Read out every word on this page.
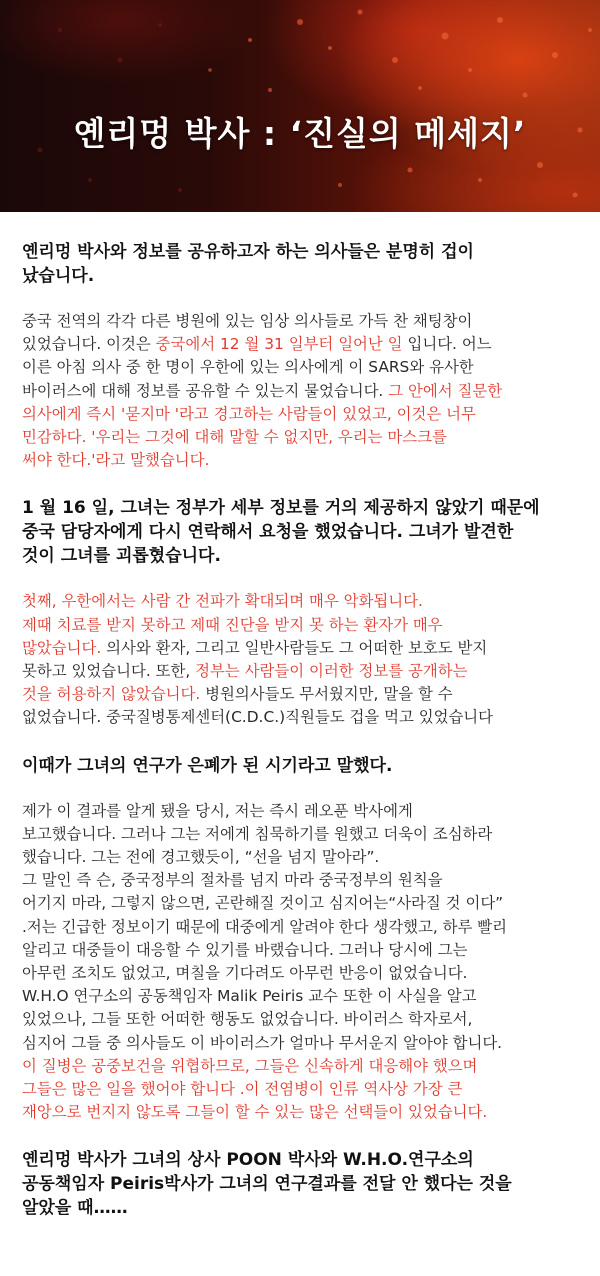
옌리멍 박사 : ‘진실의 메세지’
옌리멍 박사와 정보를 공유하고자 하는 의사들은 분명히 겁이
났습니다.
중국 전역의 각각 다른 병원에 있는 임상 의사들로 가득 찬 채팅창이
있었습니다. 이것은 중국에서 12 월 31 일부터 일어난 일 입니다. 어느
이른 아침 의사 중 한 명이 우한에 있는 의사에게 이 SARS와 유사한
바이러스에 대해 정보를 공유할 수 있는지 물었습니다. 그 안에서 질문한
의사에게 즉시 '묻지마 '라고 경고하는 사람들이 있었고, 이것은 너무
민감하다. '우리는 그것에 대해 말할 수 없지만, 우리는 마스크를
써야 한다.'라고 말했습니다.
1 월 16 일, 그녀는 정부가 세부 정보를 거의 제공하지 않았기 때문에
중국 담당자에게 다시 연락해서 요청을 했었습니다. 그녀가 발견한
것이 그녀를 괴롭혔습니다.
첫째, 우한에서는 사람 간 전파가 확대되며 매우 악화됩니다.
제때 치료를 받지 못하고 제때 진단을 받지 못 하는 환자가 매우
많았습니다. 의사와 환자, 그리고 일반사람들도 그 어떠한 보호도 받지
못하고 있었습니다. 또한, 정부는 사람들이 이러한 정보를 공개하는
것을 허용하지 않았습니다. 병원의사들도 무서웠지만, 말을 할 수
없었습니다. 중국질병통제센터(C.D.C.)직원들도 겁을 먹고 있었습니다
이때가 그녀의 연구가 은폐가 된 시기라고 말했다.
제가 이 결과를 알게 됐을 당시, 저는 즉시 레오푼 박사에게
보고했습니다. 그러나 그는 저에게 침묵하기를 원했고 더욱이 조심하라
했습니다. 그는 전에 경고했듯이, “선을 넘지 말아라”.
그 말인 즉 슨, 중국정부의 절차를 넘지 마라 중국정부의 원칙을
어기지 마라, 그렇지 않으면, 곤란해질 것이고 심지어는“사라질 것 이다”
.저는 긴급한 정보이기 때문에 대중에게 알려야 한다 생각했고, 하루 빨리
알리고 대중들이 대응할 수 있기를 바랬습니다. 그러나 당시에 그는
아무런 조치도 없었고, 며칠을 기다려도 아무런 반응이 없었습니다.
W.H.O 연구소의 공동책임자 Malik Peiris 교수 또한 이 사실을 알고
있었으나, 그들 또한 어떠한 행동도 없었습니다. 바이러스 학자로서,
심지어 그들 중 의사들도 이 바이러스가 얼마나 무서운지 알아야 합니다.
이 질병은 공중보건을 위협하므로, 그들은 신속하게 대응해야 했으며
그들은 많은 일을 했어야 합니다 .이 전염병이 인류 역사상 가장 큰
재앙으로 번지지 않도록 그들이 할 수 있는 많은 선택들이 있었습니다.
옌리멍 박사가 그녀의 상사 POON 박사와 W.H.O.연구소의
공동책임자 Peiris박사가 그녀의 연구결과를 전달 안 했다는 것을
알았을 때……
